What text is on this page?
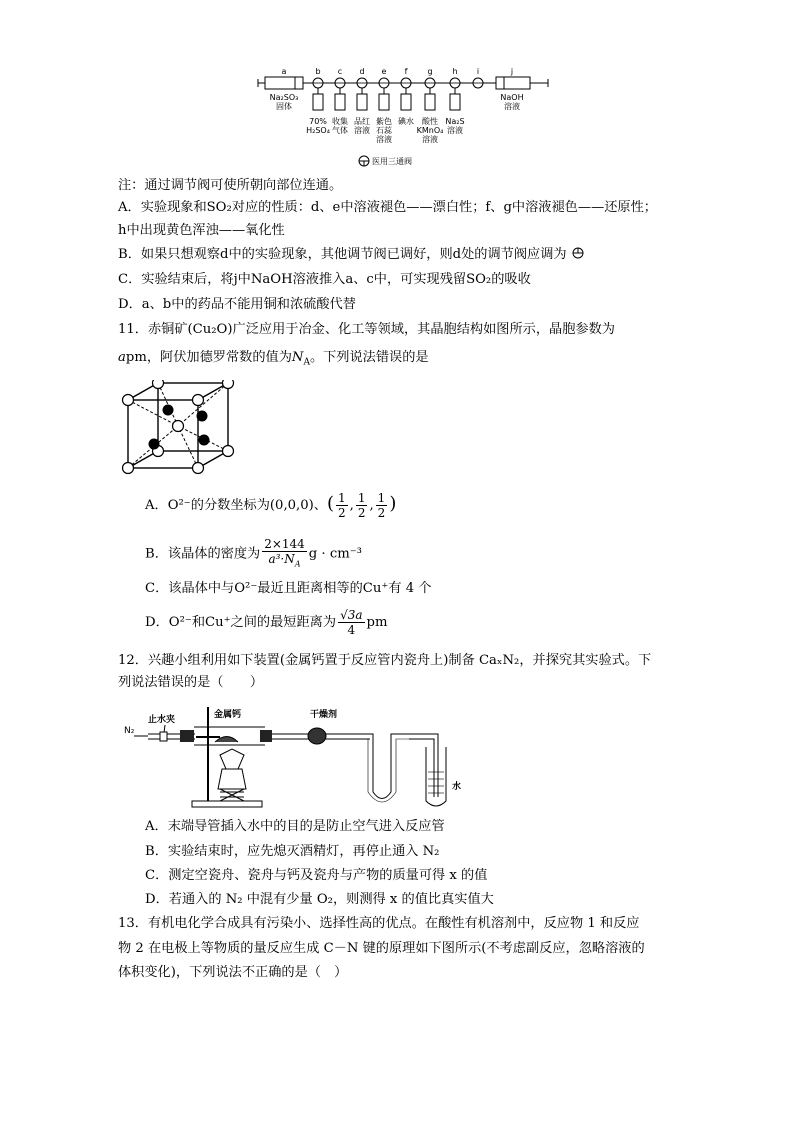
a	b c d e f	g h i	j
Na₂SO₃ 固体
70% H₂SO₄
收集气体
品红溶液
紫色石蕊溶液
碘水	酸性 KMnO₄ 溶液
Na₂S 溶液
NaOH 溶液
医用三通阀
注：通过调节阀可使所朝向部位连通。
A．实验现象和SO₂对应的性质：d、e中溶液褪色——漂白性；f、g中溶液褪色——还原性；
h中出现黄色浑浊——氧化性
B．如果只想观察d中的实验现象，其他调节阀已调好，则d处的调节阀应调为
C．实验结束后，将j中NaOH溶液推入a、c中，可实现残留SO₂的吸收
D．a、b中的药品不能用铜和浓硫酸代替
11．赤铜矿(Cu₂O)广泛应用于冶金、化工等领域，其晶胞结构如图所示，晶胞参数为
apm，阿伏加德罗常数的值为$N_A$。下列说法错误的是
A．O²⁻的分数坐标为(0,0,0)、( $\frac{1}{2}$ , $\frac{1}{2}$ , $\frac{1}{2}$ )
B．该晶体的密度为 $\frac{2\times 144}{a^3\cdot N_A}$ g · cm⁻³
C．该晶体中与O²⁻最近且距离相等的Cu⁺有 4 个
D．O²⁻和Cu⁺之间的最短距离为 $\frac{√3a}{4}$ pm
12．兴趣小组利用如下装置(金属钙置于反应管内瓷舟上)制备 CaₓN₂，并探究其实验式。下
列说法错误的是（　　）
N₂
止水夹	金属钙	干燥剂
水
A．末端导管插入水中的目的是防止空气进入反应管
B．实验结束时，应先熄灭酒精灯，再停止通入 N₂
C．测定空瓷舟、瓷舟与钙及瓷舟与产物的质量可得 x 的值
D．若通入的 N₂ 中混有少量 O₂，则测得 x 的值比真实值大
13．有机电化学合成具有污染小、选择性高的优点。在酸性有机溶剂中，反应物 1 和反应
物 2 在电极上等物质的量反应生成 C－N 键的原理如下图所示(不考虑副反应，忽略溶液的
体积变化)，下列说法不正确的是（　）
